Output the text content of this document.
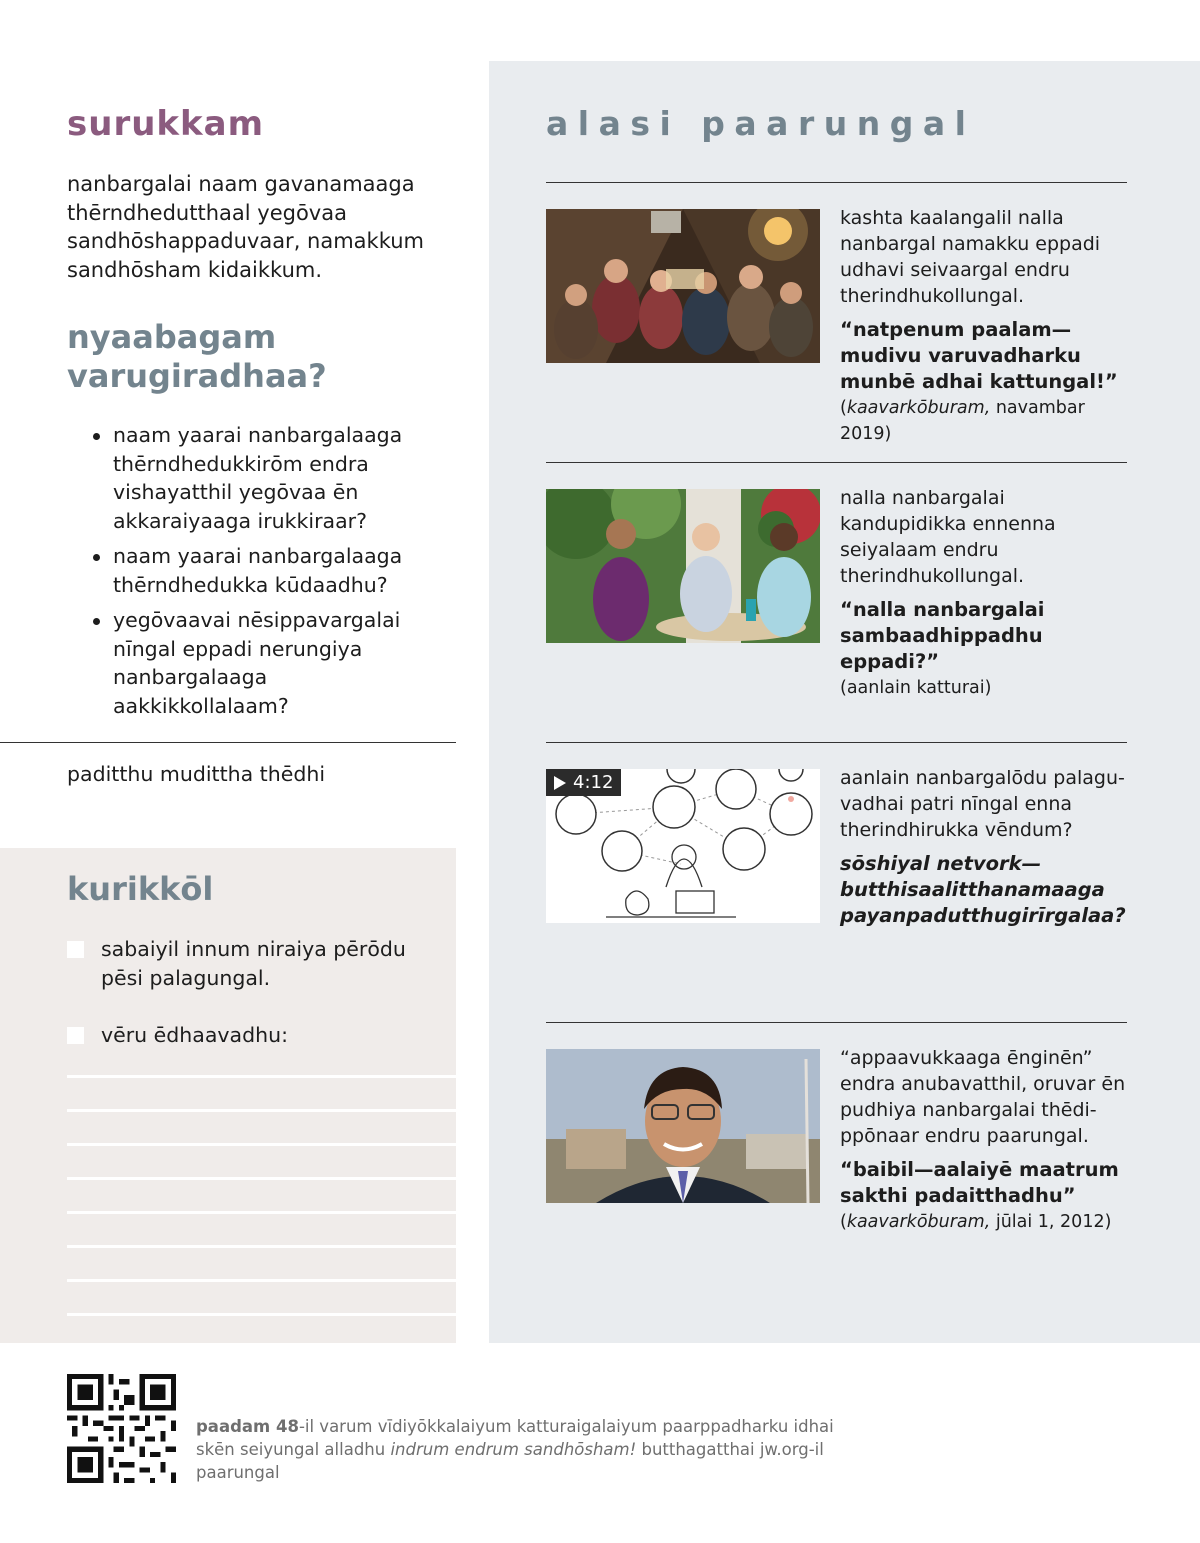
surukkam

nanbargalai naam gavanamaaga thērndhedutthaal yegōvaa sandhōshappaduvaar, namakkum sandhōsham kidaikkum.

nyaabagam varugiradhaa?
naam yaarai nanbargalaaga thērndhedukkirōm endra vishayatthil yegōvaa ēn akkaraiyaaga irukkiraar?
naam yaarai nanbargalaaga thērndhedukka kūdaadhu?
yegōvaavai nēsippavargalai nīngal eppadi nerungiya nanbargalaaga aakkikkollalaam?
paditthu mudittha thēdhi
kurikkōl
sabaiyil innum niraiya pērōdu pēsi palagungal.
vēru ēdhaavadhu:
alasi paarungal

kashta kaalangalil nalla nanbargal namakku eppadi udhavi seivaargal endru therindhukollungal.

“natpenum paalam—mudivu varuvadharku munbē adhai kattungal!”

(kaavarkōburam, navambar 2019)

nalla nanbargalai kandupidikka ennenna seiyalaam endru therindhukollungal.

“nalla nanbargalai sambaadhippadhu eppadi?”

(aanlain katturai)

4:12	aanlain nanbargalōdu palaguvadhai patri nīngal enna therindhirukka vēndum?

sōshiyal netvork—butthisaalitthanamaaga payanpadutthugirīrgalaa?

“appaavukkaaga ēnginēn” endra anubavatthil, oruvar ēn pudhiya nanbargalai thēdippōnaar endru paarungal.

“baibil—aalaiyē maatrum sakthi padaitthadhu”

(kaavarkōburam, jūlai 1, 2012)

paadam 48-il varum vīdiyōkkalaiyum katturaigalaiyum paarppadharku idhai skēn seiyungal alladhu indrum endrum sandhōsham! butthagatthai jw.org-il paarungal
